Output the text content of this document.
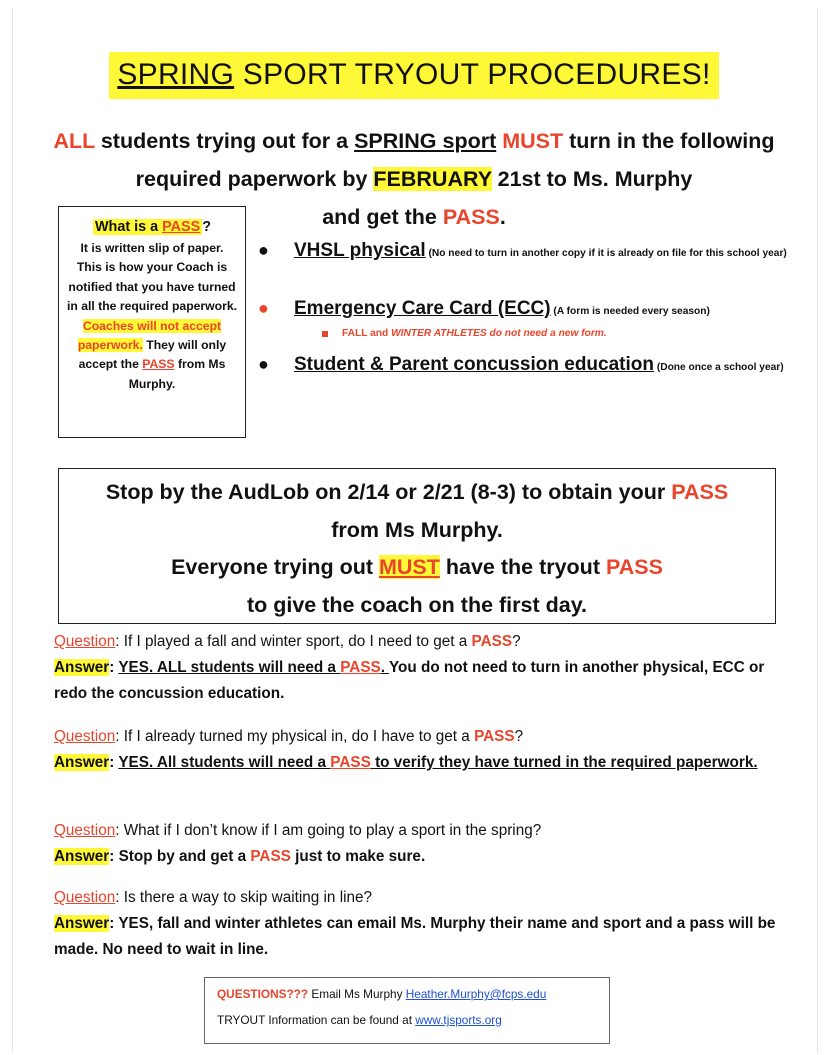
SPRING SPORT TRYOUT PROCEDURES!
ALL students trying out for a SPRING sport MUST turn in the following required paperwork by FEBRUARY 21st to Ms. Murphy
and get the PASS.
What is a PASS ?
It is written slip of paper. This is how your Coach is notified that you have turned in all the required paperwork. Coaches will not accept paperwork. They will only accept the PASS from Ms Murphy.
● VHSL physical (No need to turn in another copy if it is already on file for this school year)
● Emergency Care Card (ECC) (A form is needed every season)
FALL and WINTER ATHLETES do not need a new form.
● Student & Parent concussion education (Done once a school year)
Stop by the AudLob on 2/14 or 2/21 (8-3) to obtain your PASS
from Ms Murphy.
Everyone trying out MUST have the tryout PASS
to give the coach on the first day.
Question: If I played a fall and winter sport, do I need to get a PASS?
Answer: YES. ALL students will need a PASS. You do not need to turn in another physical, ECC or redo the concussion education.
Question: If I already turned my physical in, do I have to get a PASS?
Answer: YES. All students will need a PASS to verify they have turned in the required paperwork.
Question: What if I don’t know if I am going to play a sport in the spring?
Answer: Stop by and get a PASS just to make sure.
Question: Is there a way to skip waiting in line?
Answer: YES, fall and winter athletes can email Ms. Murphy their name and sport and a pass will be made. No need to wait in line.
QUESTIONS??? Email Ms Murphy Heather.Murphy@fcps.edu
TRYOUT Information can be found at www.tjsports.org
